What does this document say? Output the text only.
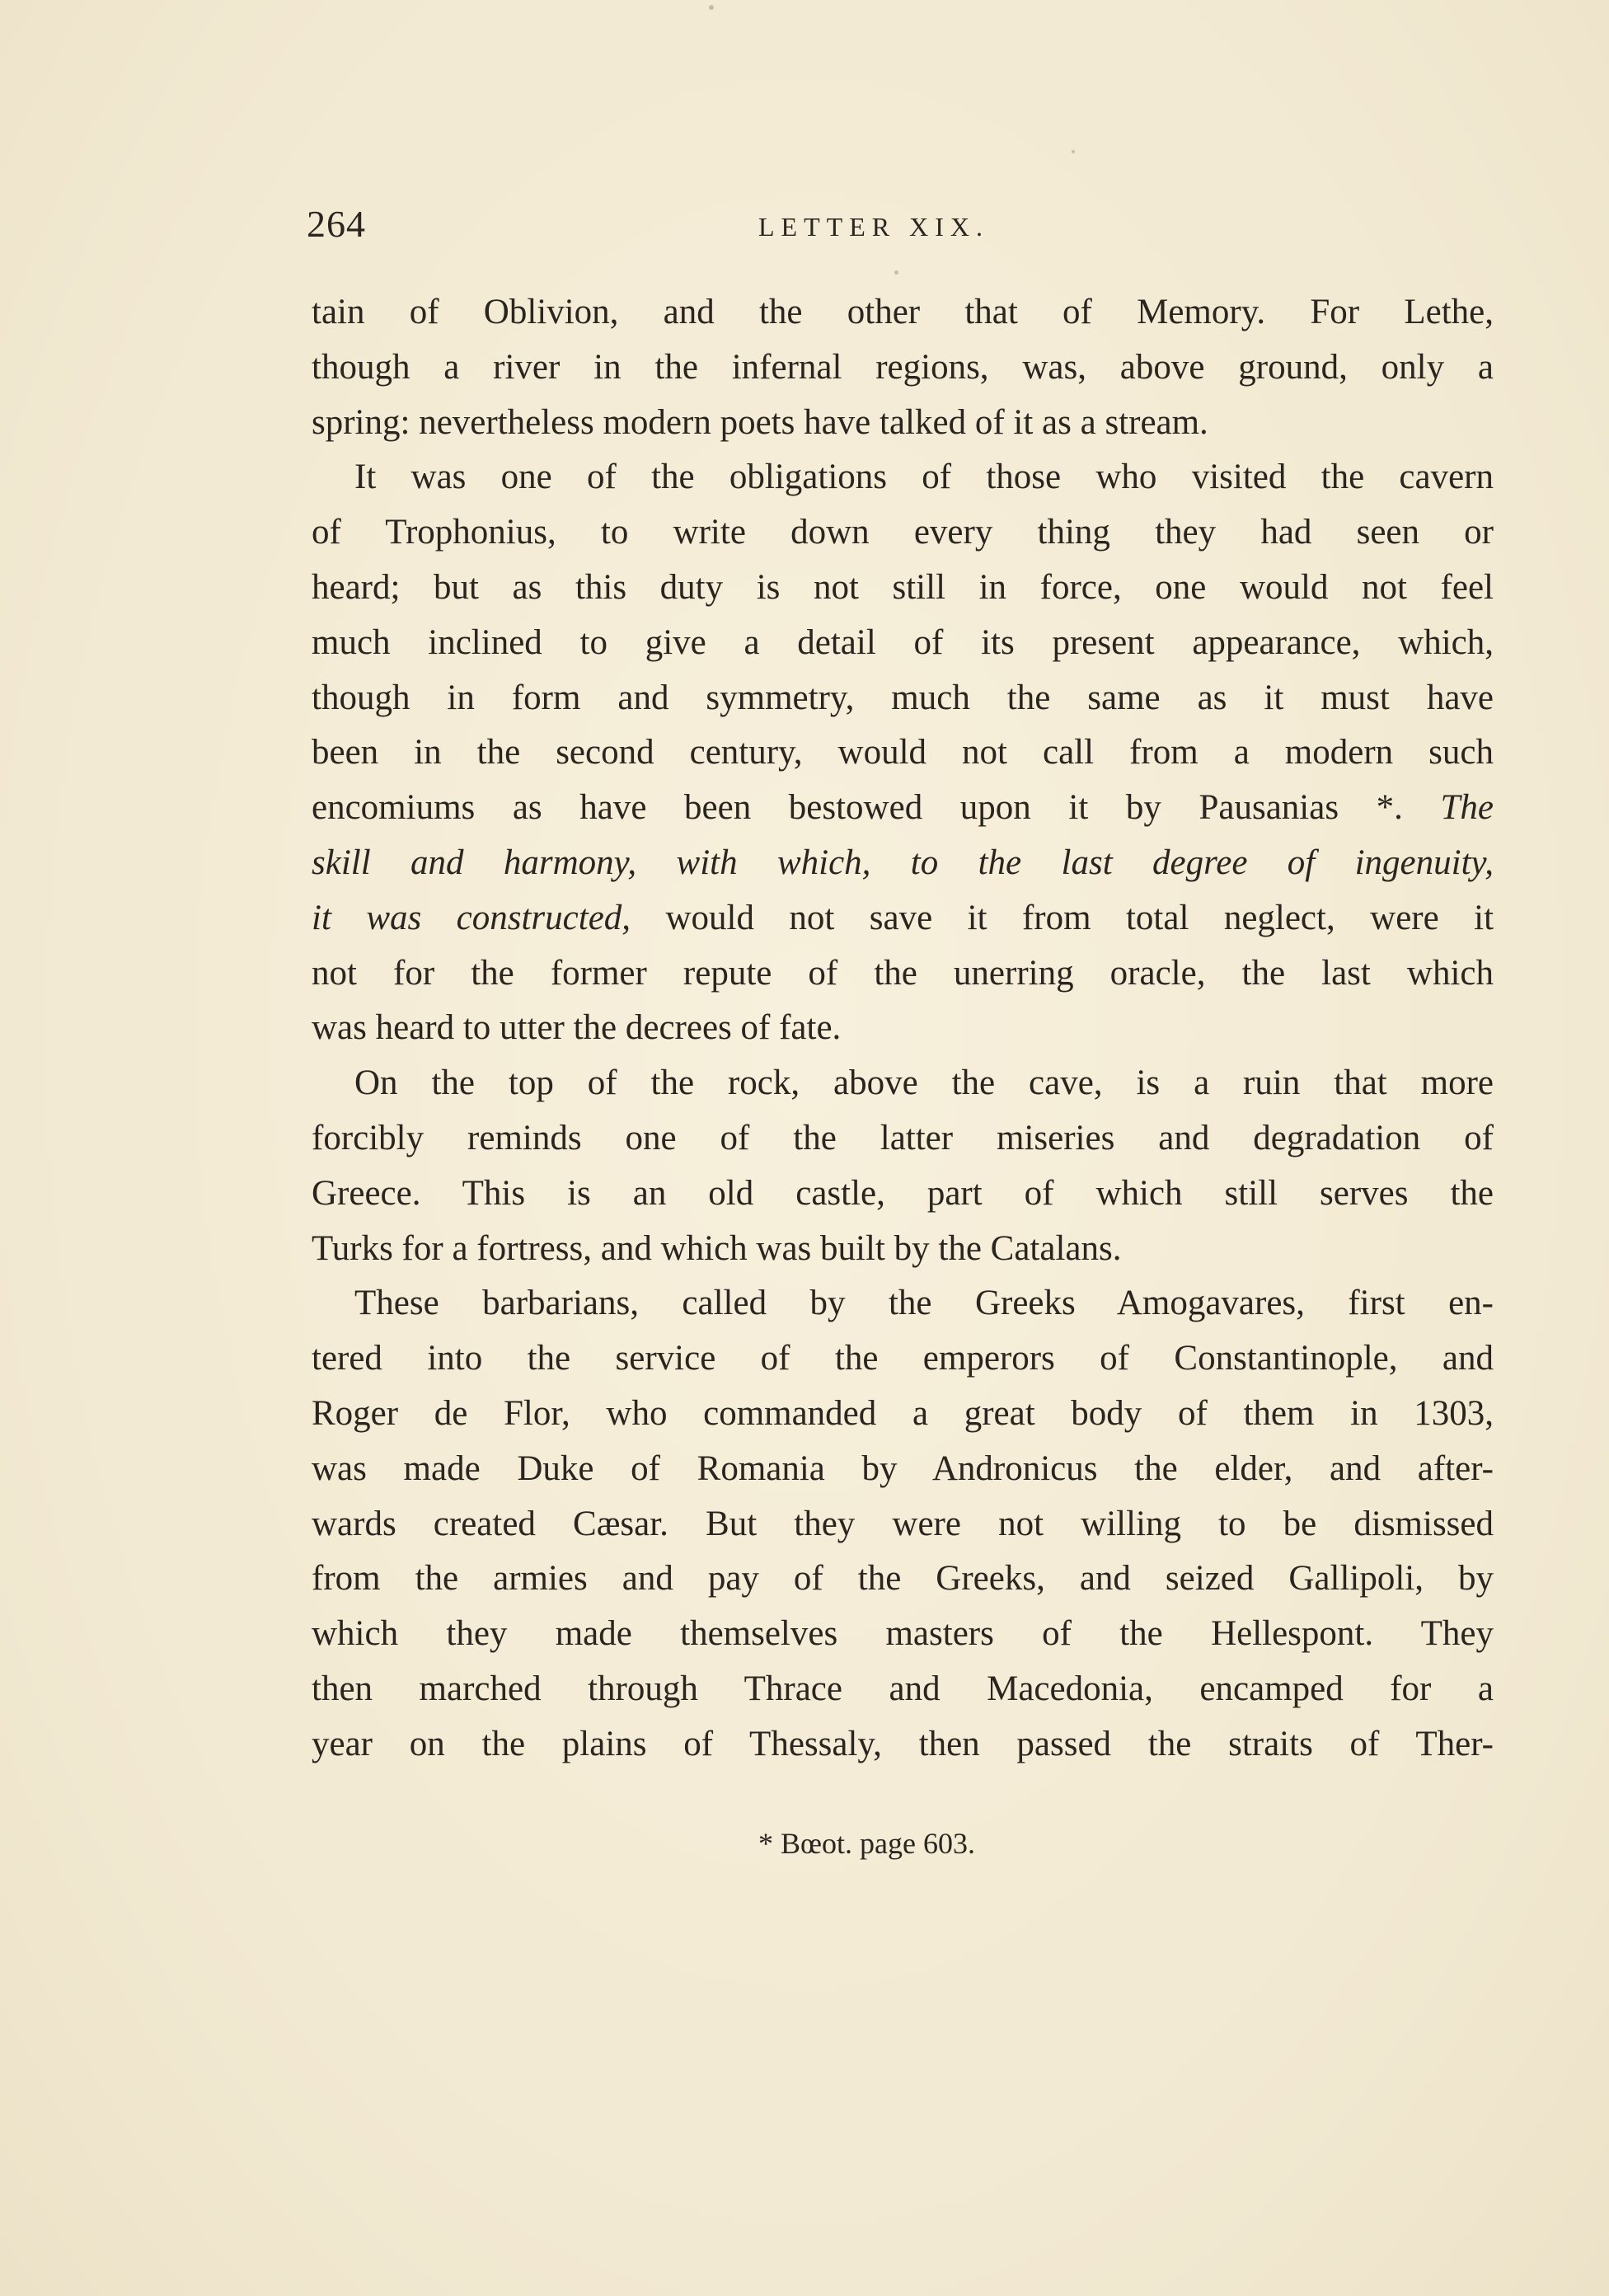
264	LETTER XIX.
tain of Oblivion, and the other that of Memory. For Lethe,
though a river in the infernal regions, was, above ground, only a
spring: nevertheless modern poets have talked of it as a stream.
It was one of the obligations of those who visited the cavern
of Trophonius, to write down every thing they had seen or
heard; but as this duty is not still in force, one would not feel
much inclined to give a detail of its present appearance, which,
though in form and symmetry, much the same as it must have
been in the second century, would not call from a modern such
encomiums as have been bestowed upon it by Pausanias *. The
skill and harmony, with which, to the last degree of ingenuity,
it was constructed, would not save it from total neglect, were it
not for the former repute of the unerring oracle, the last which
was heard to utter the decrees of fate.
On the top of the rock, above the cave, is a ruin that more
forcibly reminds one of the latter miseries and degradation of
Greece. This is an old castle, part of which still serves the
Turks for a fortress, and which was built by the Catalans.
These barbarians, called by the Greeks Amogavares, first en-
tered into the service of the emperors of Constantinople, and
Roger de Flor, who commanded a great body of them in 1303,
was made Duke of Romania by Andronicus the elder, and after-
wards created Cæsar. But they were not willing to be dismissed
from the armies and pay of the Greeks, and seized Gallipoli, by
which they made themselves masters of the Hellespont. They
then marched through Thrace and Macedonia, encamped for a
year on the plains of Thessaly, then passed the straits of Ther-
* Bœot. page 603.
